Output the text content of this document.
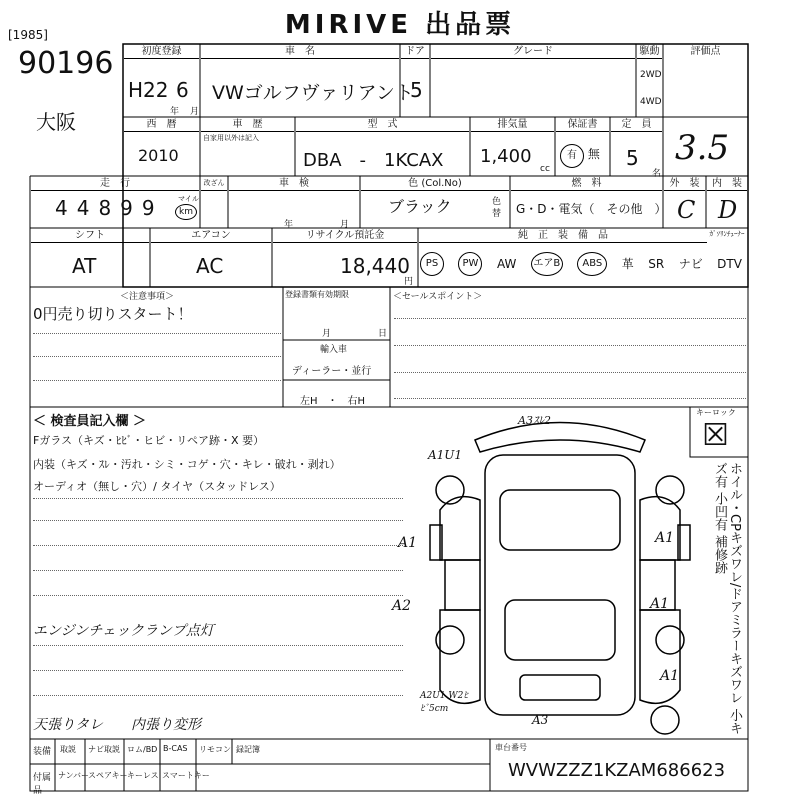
MIRIVE 出品票
[1985]
90196
大阪
初度登録
H22 6
年 月
車　名
VWゴルフヴァリアント
ドア
5
グレード	駆動
2WD
4WD
評価点
3.5
西　暦
2010
車　歴
自家用以外は記入
型　式
DBA　-　1KCAX
排気量
1,400
cc
保証書
有 無
定　員
5
名
走　行
44899 マイル
km
改ざん	車　検
年	月
色 (Col.No)
ブラック	色替
燃　料
G・D・電気（　その他　）
外　装
C
内　装
D
シフト
AT
エアコン
AC
リサイクル預託金
18,440
円
純　正　装　備　品	ｶﾞｿﾘﾝﾁｭｰﾅｰ
PS	PW	AW エアB	ABS	革 SR ナビ DTV
＜注意事項＞
0円売り切りスタート！
登録書類有効期限
月	日
輸入車
ディーラー・並行
左H　・　右H
＜セールスポイント＞
＜ 検査員記入欄 ＞
Fガラス（キズ・ﾋﾋﾞ・ヒビ・リペア跡・X 要）
内装（キズ・ｽﾚ・汚れ・シミ・コゲ・穴・キレ・破れ・剥れ）
オーディオ（無し・穴）/ タイヤ（スタッドレス）
エンジンチェックランプ点灯
天張りタレ　　内張り変形
キーロック
☒
ホイル・CPキズワレ/ドアミラーキズワレ 小キズ有 小凹有 補修跡
A3ｽﾚ2
A1U1
A1	A1
A2	A1
A1
A2U1 W2ﾋﾋﾞ5cm
A3
装備
付属品
取説 ナビ取説 ロム/BD B-CAS リモコン 録記簿
ナンバー
スペアキー キーレス スマートキー
車台番号
WVWZZZ1KZAM686623
